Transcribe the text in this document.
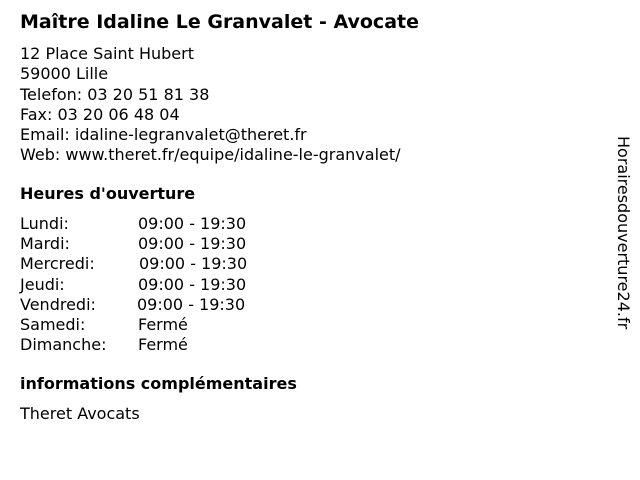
Maître Idaline Le Granvalet - Avocate
12 Place Saint Hubert
59000 Lille
Telefon: 03 20 51 81 38
Fax: 03 20 06 48 04
Email: idaline-legranvalet@theret.fr
Web: www.theret.fr/equipe/idaline-le-granvalet/
Heures d'ouverture
Lundi:	09:00 - 19:30
Mardi:	09:00 - 19:30
Mercredi:	09:00 - 19:30
Jeudi:	09:00 - 19:30
Vendredi:	09:00 - 19:30
Samedi:	Fermé
Dimanche: Fermé
informations complémentaires
Theret Avocats
Horairesdouverture24.fr
